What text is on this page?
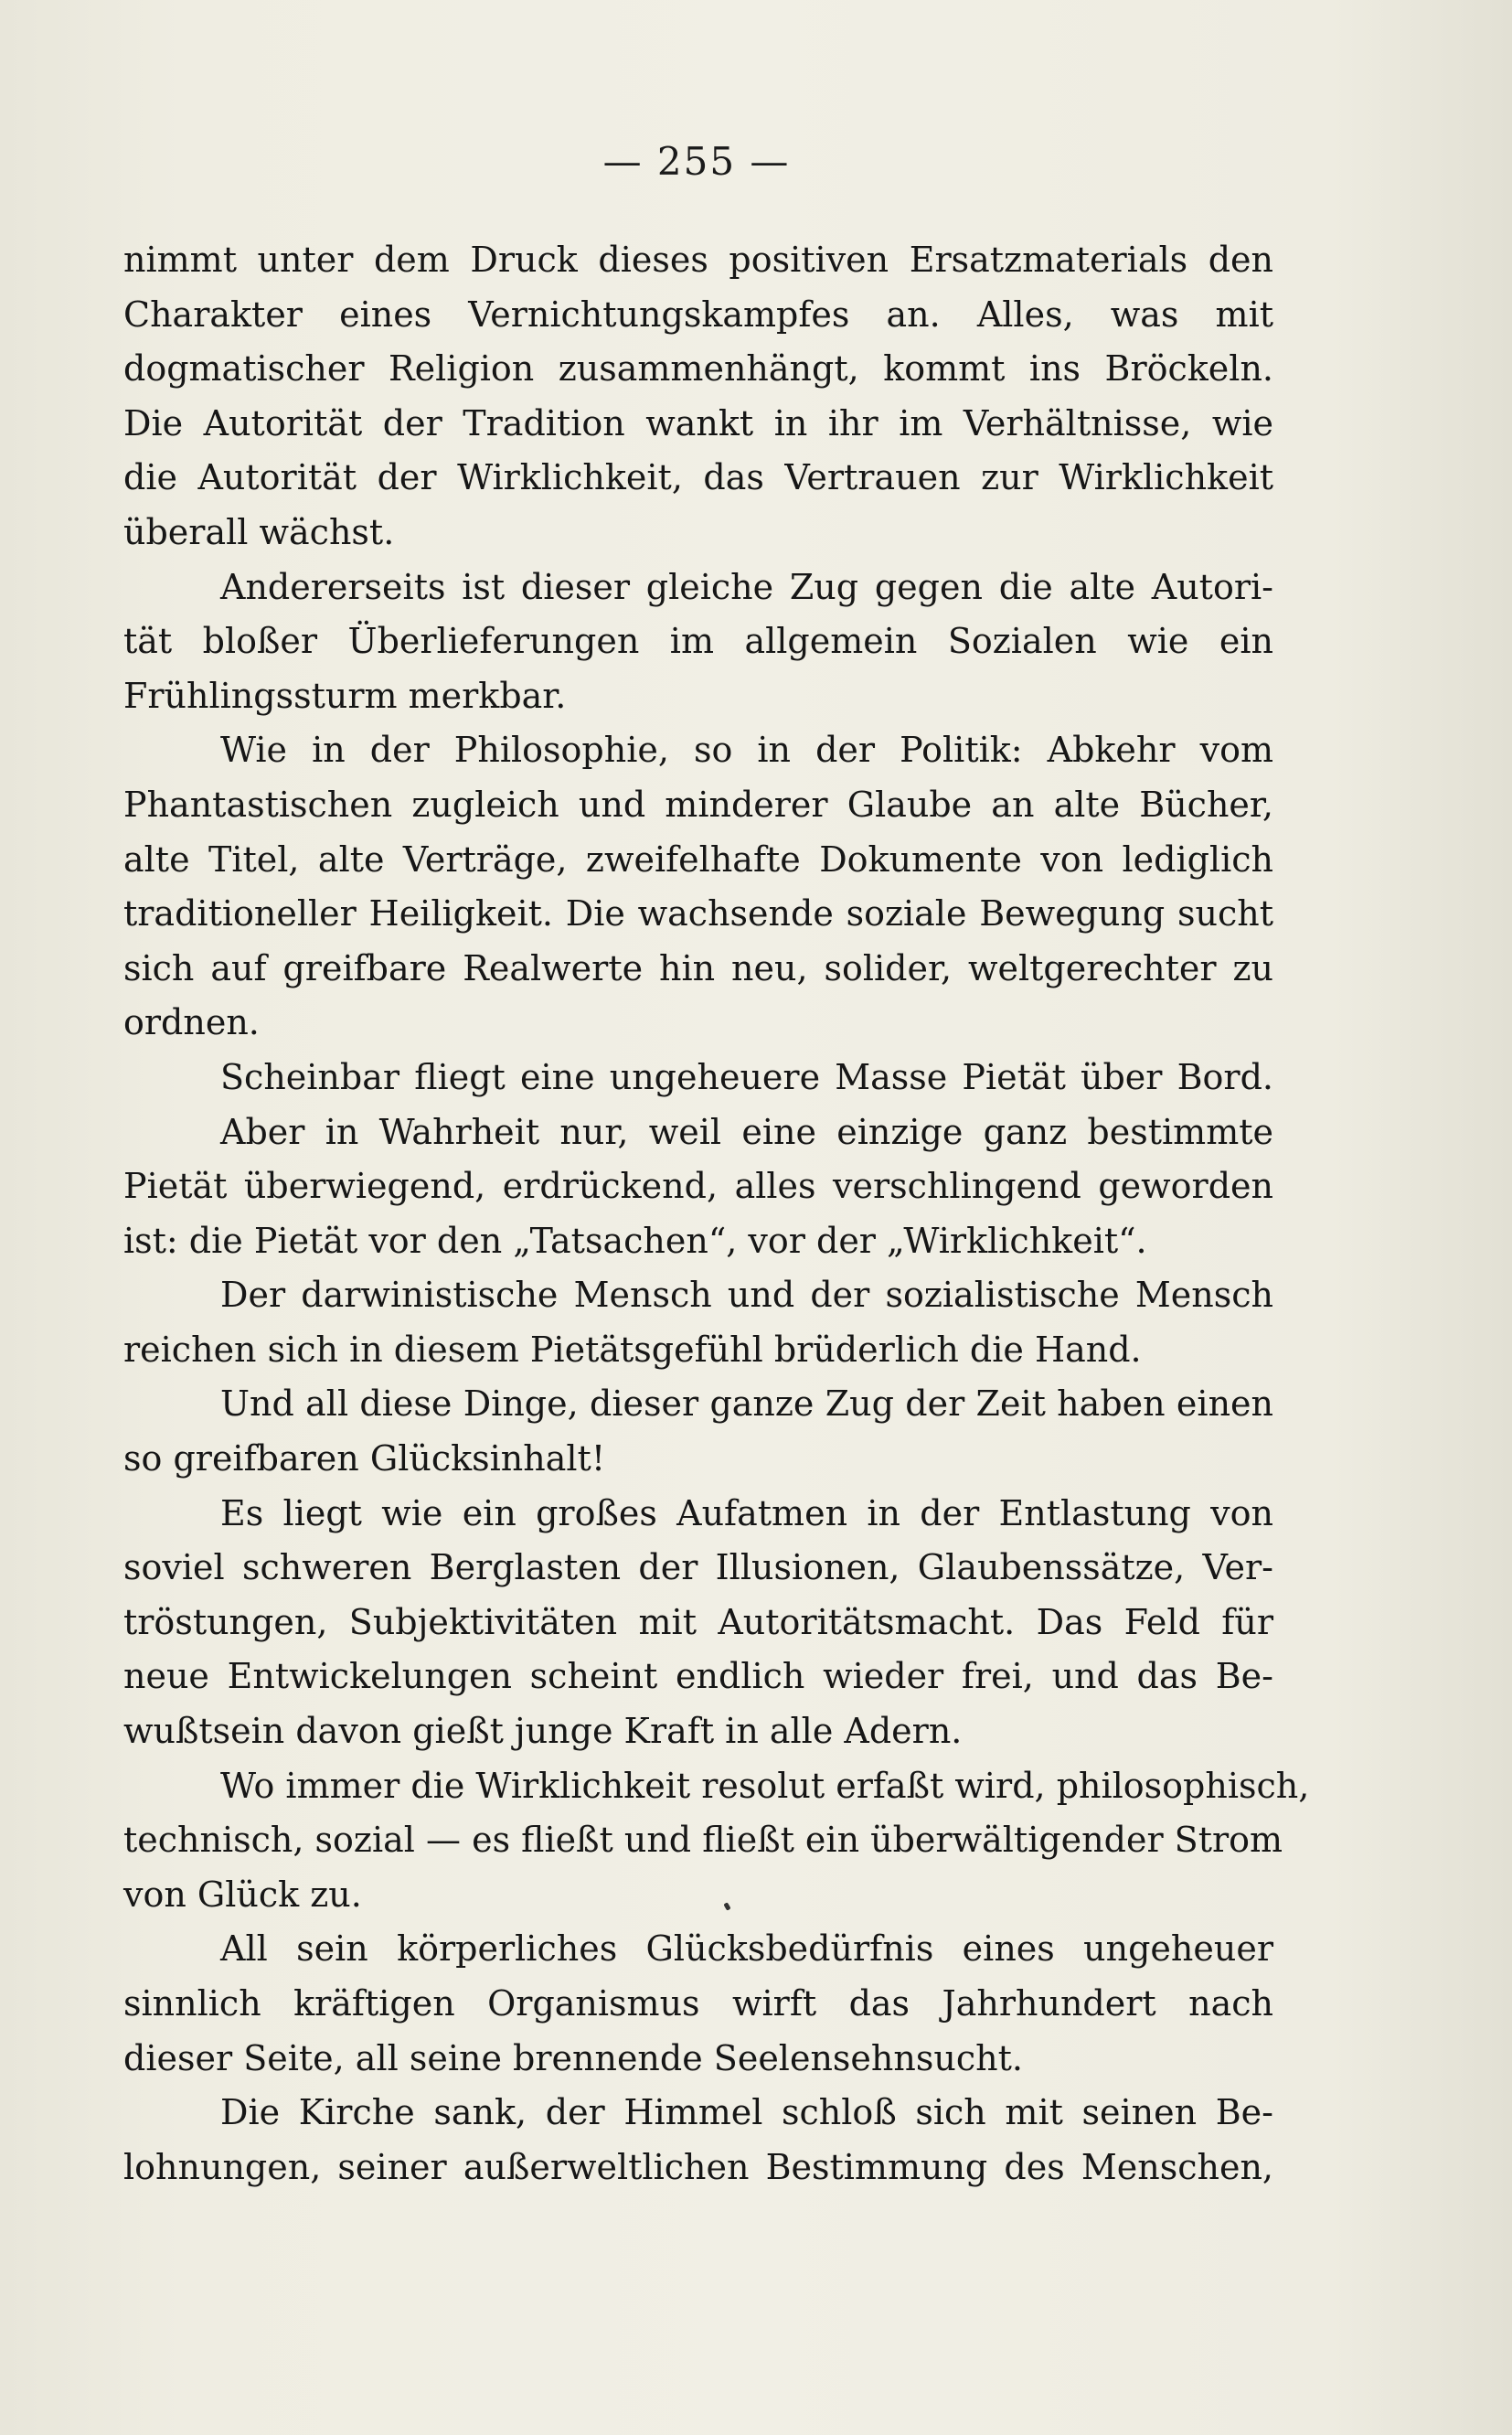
— 255 —
nimmt unter dem Druck dieses positiven Ersatzmaterials den
Charakter eines Vernichtungskampfes an. Alles, was mit
dogmatischer Religion zusammenhängt, kommt ins Bröckeln.
Die Autorität der Tradition wankt in ihr im Verhältnisse, wie
die Autorität der Wirklichkeit, das Vertrauen zur Wirklichkeit
überall wächst.
Andererseits ist dieser gleiche Zug gegen die alte Autori-
tät bloßer Überlieferungen im allgemein Sozialen wie ein
Frühlingssturm merkbar.
Wie in der Philosophie, so in der Politik: Abkehr vom
Phantastischen zugleich und minderer Glaube an alte Bücher,
alte Titel, alte Verträge, zweifelhafte Dokumente von lediglich
traditioneller Heiligkeit. Die wachsende soziale Bewegung sucht
sich auf greifbare Realwerte hin neu, solider, weltgerechter zu
ordnen.
Scheinbar fliegt eine ungeheuere Masse Pietät über Bord.
Aber in Wahrheit nur, weil eine einzige ganz bestimmte
Pietät überwiegend, erdrückend, alles verschlingend geworden
ist: die Pietät vor den „Tatsachen“, vor der „Wirklichkeit“.
Der darwinistische Mensch und der sozialistische Mensch
reichen sich in diesem Pietätsgefühl brüderlich die Hand.
Und all diese Dinge, dieser ganze Zug der Zeit haben einen
so greifbaren Glücksinhalt!
Es liegt wie ein großes Aufatmen in der Entlastung von
soviel schweren Berglasten der Illusionen, Glaubenssätze, Ver-
tröstungen, Subjektivitäten mit Autoritätsmacht. Das Feld für
neue Entwickelungen scheint endlich wieder frei, und das Be-
wußtsein davon gießt junge Kraft in alle Adern.
Wo immer die Wirklichkeit resolut erfaßt wird, philosophisch,
technisch, sozial — es fließt und fließt ein überwältigender Strom
von Glück zu.
All sein körperliches Glücksbedürfnis eines ungeheuer
sinnlich kräftigen Organismus wirft das Jahrhundert nach
dieser Seite, all seine brennende Seelensehnsucht.
Die Kirche sank, der Himmel schloß sich mit seinen Be-
lohnungen, seiner außerweltlichen Bestimmung des Menschen,
